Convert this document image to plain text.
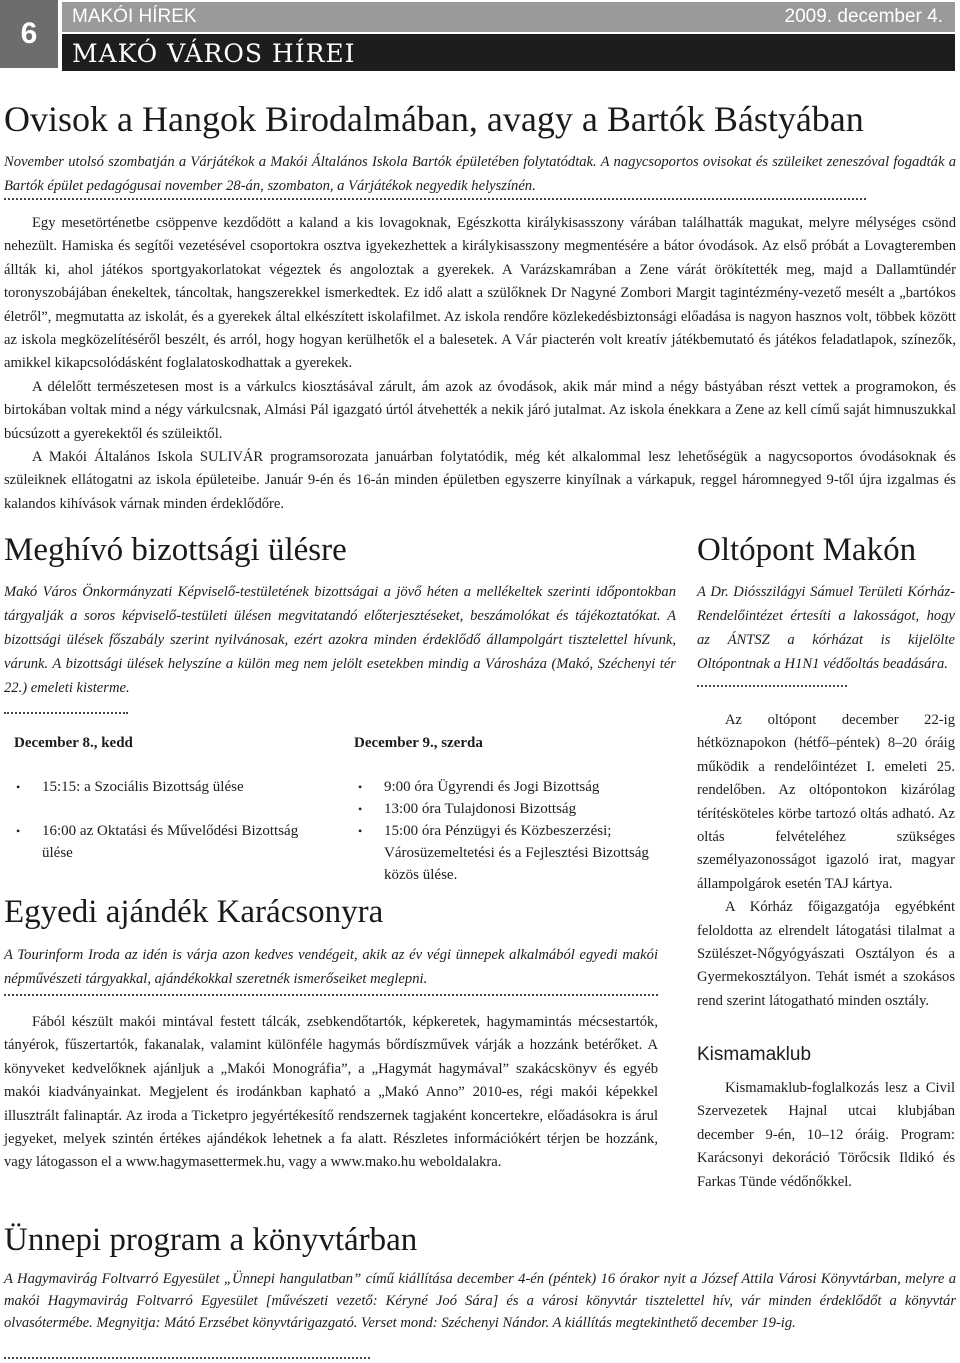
6
MAKÓI HÍREK	2009. december 4.
MAKÓ VÁROS HÍREI
Ovisok a Hangok Birodalmában, avagy a Bartók Bástyában

November utolsó szombatján a Várjátékok a Makói Általános Iskola Bartók épületében folytatódtak. A nagycsoportos ovisokat és szüleiket zeneszóval fogadták a Bartók épület pedagógusai november 28-án, szombaton, a Várjátékok negyedik helyszínén.

Egy mesetörténetbe csöppenve kezdődött a kaland a kis lovagoknak, Egészkotta királykisasszony várában találhatták magukat, melyre mélységes csönd nehezült. Hamiska és segítői vezetésével csoportokra osztva igyekezhettek a királykisasszony megmentésére a bátor óvodások. Az első próbát a Lovagteremben állták ki, ahol játékos sportgyakorlatokat végeztek és angoloztak a gyerekek. A Varázskamrában a Zene várát örökítették meg, majd a Dallamtündér toronyszobájában énekeltek, táncoltak, hangszerekkel ismerkedtek. Ez idő alatt a szülőknek Dr Nagyné Zombori Margit tagintézmény-vezető mesélt a „bartókos életről”, megmutatta az iskolát, és a gyerekek által elkészített iskolafilmet. Az iskola rendőre közlekedésbiztonsági előadása is nagyon hasznos volt, többek között az iskola megközelítéséről beszélt, és arról, hogy hogyan kerülhetők el a balesetek. A Vár piacterén volt kreatív játékbemutató és játékos feladatlapok, színezők, amikkel kikapcsolódásként foglalatoskodhattak a gyerekek.

A délelőtt természetesen most is a várkulcs kiosztásával zárult, ám azok az óvodások, akik már mind a négy bástyában részt vettek a programokon, és birtokában voltak mind a négy várkulcsnak, Almási Pál igazgató úrtól átvehették a nekik járó jutalmat. Az iskola énekkara a Zene az kell című saját himnuszukkal búcsúzott a gyerekektől és szüleiktől.

A Makói Általános Iskola SULIVÁR programsorozata januárban folytatódik, még két alkalommal lesz lehetőségük a nagycsoportos óvodásoknak és szüleiknek ellátogatni az iskola épületeibe. Január 9-én és 16-án minden épületben egyszerre kinyílnak a várkapuk, reggel háromnegyed 9-től újra izgalmas és kalandos kihívások várnak minden érdeklődőre.

Meghívó bizottsági ülésre

Makó Város Önkormányzati Képviselő-testületének bizottságai a jövő héten a mellékeltek szerinti időpontokban tárgyalják a soros képviselő-testületi ülésen megvitatandó előterjesztéseket, beszámolókat és tájékoztatókat. A bizottsági ülések főszabály szerint nyilvánosak, ezért azokra minden érdeklődő állampolgárt tisztelettel hívunk, várunk. A bizottsági ülések helyszíne a külön meg nem jelölt esetekben mindig a Városháza (Makó, Széchenyi tér 22.) emeleti kisterme.

December 8., kedd
• 15:15: a Szociális Bizottság ülése
• 16:00 az Oktatási és Művelődési Bizottság ülése
December 9., szerda
• 9:00 óra Ügyrendi és Jogi Bizottság
• 13:00 óra Tulajdonosi Bizottság
• 15:00 óra Pénzügyi és Közbeszerzési; Városüzemeltetési és a Fejlesztési Bizottság közös ülése.
Egyedi ajándék Karácsonyra

A Tourinform Iroda az idén is várja azon kedves vendégeit, akik az év végi ünnepek alkalmából egyedi makói népművészeti tárgyakkal, ajándékokkal szeretnék ismerőseiket meglepni.

Fából készült makói mintával festett tálcák, zsebkendőtartók, képkeretek, hagymamintás mécsestartók, tányérok, fűszertartók, fakanalak, valamint különféle hagymás bőrdíszművek várják a hozzánk betérőket. A könyveket kedvelőknek ajánljuk a „Makói Monográfia”, a „Hagymát hagymával” szakácskönyv és egyéb makói kiadványainkat. Megjelent és irodánkban kapható a „Makó Anno” 2010-es, régi makói képekkel illusztrált falinaptár. Az iroda a Ticketpro jegyértékesítő rendszernek tagjaként koncertekre, előadásokra is árul jegyeket, melyek szintén értékes ajándékok lehetnek a fa alatt. Részletes információkért térjen be hozzánk, vagy látogasson el a www.hagymasettermek.hu, vagy a www.mako.hu weboldalakra.

Oltópont Makón

A Dr. Diósszilágyi Sámuel Területi Kórház-Rendelőintézet értesíti a lakosságot, hogy az ÁNTSZ a kórházat is kijelölte Oltópontnak a H1N1 védőoltás beadására.

Az oltópont december 22-ig hétköznapokon (hétfő–péntek) 8–20 óráig működik a rendelőintézet I. emeleti 25. rendelőben. Az oltópontokon kizárólag térítésköteles körbe tartozó oltás adható. Az oltás felvételéhez szükséges személyazonosságot igazoló irat, magyar állampolgárok esetén TAJ kártya.

A Kórház főigazgatója egyébként feloldotta az elrendelt látogatási tilalmat a Szülészet-Nőgyógyászati Osztályon és a Gyermekosztályon. Tehát ismét a szokásos rend szerint látogatható minden osztály.

Kismamaklub

Kismamaklub-foglalkozás lesz a Civil Szervezetek Hajnal utcai klubjában december 9-én, 10–12 óráig. Program: Karácsonyi dekoráció Törőcsik Ildikó és Farkas Tünde védőnőkkel.

Ünnepi program a könyvtárban

A Hagymavirág Foltvarró Egyesület „Ünnepi hangulatban” című kiállítása december 4-én (péntek) 16 órakor nyit a József Attila Városi Könyvtárban, melyre a makói Hagymavirág Foltvarró Egyesület [művészeti vezető: Kéryné Joó Sára] és a városi könyvtár tisztelettel hív, vár minden érdeklődőt a könyvtár olvasótermébe. Megnyitja: Mátó Erzsébet könyvtárigazgató. Verset mond: Széchenyi Nándor. A kiállítás megtekinthető december 19-ig.
